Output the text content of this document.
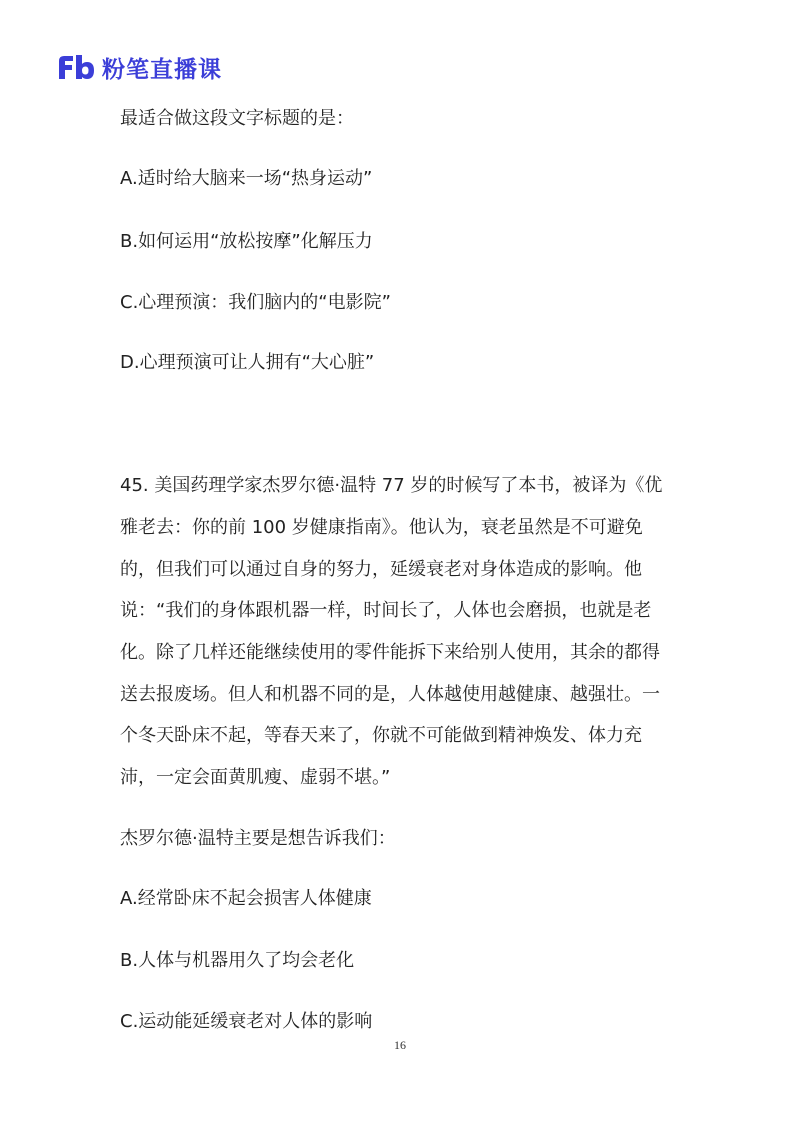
粉笔直播课
最适合做这段文字标题的是：
A.适时给大脑来一场“热身运动”
B.如何运用“放松按摩”化解压力
C.心理预演：我们脑内的“电影院”
D.心理预演可让人拥有“大心脏”
45. 美国药理学家杰罗尔德·温特 77 岁的时候写了本书，被译为《优
雅老去：你的前 100 岁健康指南》。他认为，衰老虽然是不可避免
的，但我们可以通过自身的努力，延缓衰老对身体造成的影响。他
说：“我们的身体跟机器一样，时间长了，人体也会磨损，也就是老
化。除了几样还能继续使用的零件能拆下来给别人使用，其余的都得
送去报废场。但人和机器不同的是，人体越使用越健康、越强壮。一
个冬天卧床不起，等春天来了，你就不可能做到精神焕发、体力充
沛，一定会面黄肌瘦、虚弱不堪。”
杰罗尔德·温特主要是想告诉我们：
A.经常卧床不起会损害人体健康
B.人体与机器用久了均会老化
C.运动能延缓衰老对人体的影响
16
